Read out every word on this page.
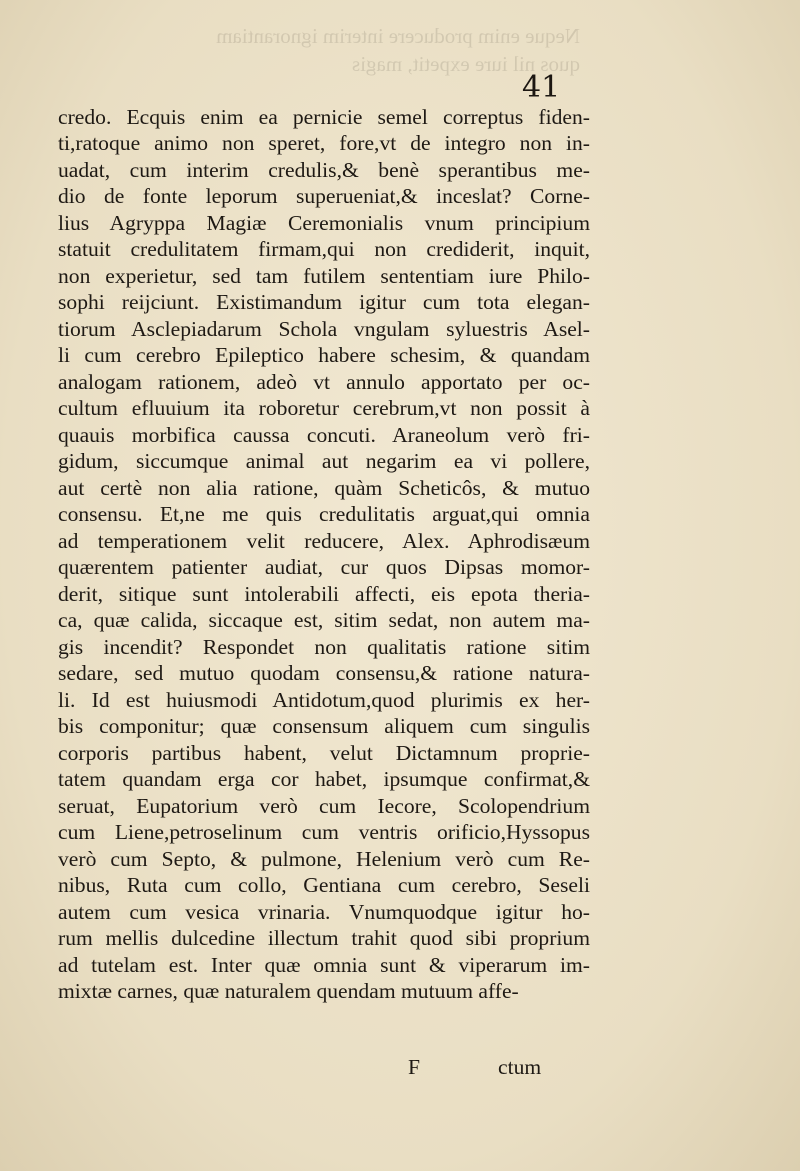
Neque enim producere interim ignorantiam
quos nil iure expetit, magis
41
credo. Ecquis enim ea pernicie semel correptus fiden-
ti,ratoque animo non speret, fore,vt de integro non in-
uadat, cum interim credulis,& benè sperantibus me-
dio de fonte leporum superueniat,& inceslat? Corne-
lius Agryppa Magiæ Ceremonialis vnum principium
statuit credulitatem firmam,qui non crediderit, inquit,
non experietur, sed tam futilem sententiam iure Philo-
sophi reijciunt. Existimandum igitur cum tota elegan-
tiorum Asclepiadarum Schola vngulam syluestris Asel-
li cum cerebro Epileptico habere schesim, & quandam
analogam rationem, adeò vt annulo apportato per oc-
cultum efluuium ita roboretur cerebrum,vt non possit à
quauis morbifica caussa concuti. Araneolum verò fri-
gidum, siccumque animal aut negarim ea vi pollere,
aut certè non alia ratione, quàm Scheticôs, & mutuo
consensu. Et,ne me quis credulitatis arguat,qui omnia
ad temperationem velit reducere, Alex. Aphrodisæum
quærentem patienter audiat, cur quos Dipsas momor-
derit, sitique sunt intolerabili affecti, eis epota theria-
ca, quæ calida, siccaque est, sitim sedat, non autem ma-
gis incendit? Respondet non qualitatis ratione sitim
sedare, sed mutuo quodam consensu,& ratione natura-
li. Id est huiusmodi Antidotum,quod plurimis ex her-
bis componitur; quæ consensum aliquem cum singulis
corporis partibus habent, velut Dictamnum proprie-
tatem quandam erga cor habet, ipsumque confirmat,&
seruat, Eupatorium verò cum Iecore, Scolopendrium
cum Liene,petroselinum cum ventris orificio,Hyssopus
verò cum Septo, & pulmone, Helenium verò cum Re-
nibus, Ruta cum collo, Gentiana cum cerebro, Seseli
autem cum vesica vrinaria. Vnumquodque igitur ho-
rum mellis dulcedine illectum trahit quod sibi proprium
ad tutelam est. Inter quæ omnia sunt & viperarum im-
mixtæ carnes, quæ naturalem quendam mutuum affe-
F	ctum
